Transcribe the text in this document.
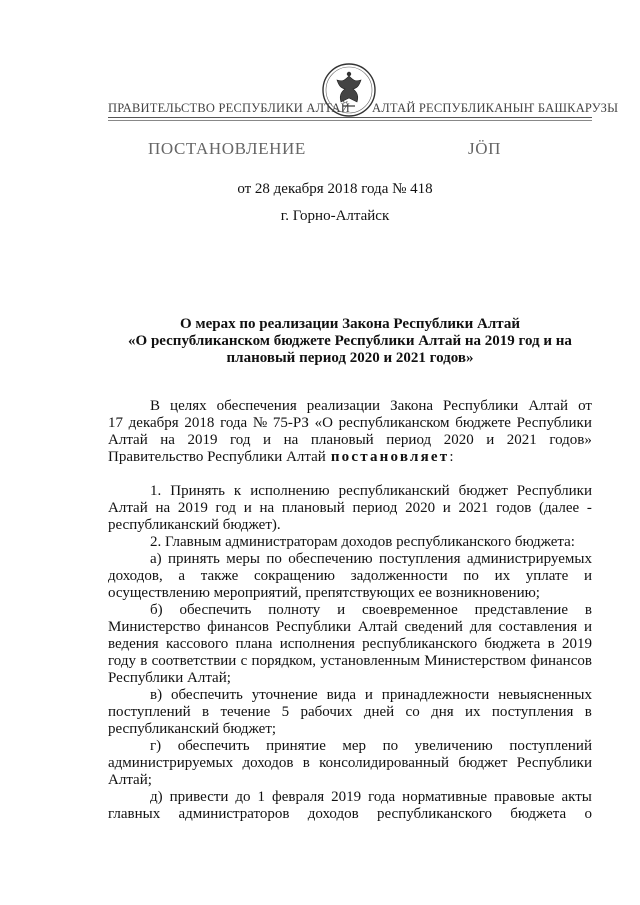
ПРАВИТЕЛЬСТВО РЕСПУБЛИКИ АЛТАЙ АЛТАЙ РЕСПУБЛИКАНЫҤ БАШКАРУЗЫ
ПОСТАНОВЛЕНИЕ	ЈÖП
от 28 декабря 2018 года № 418
г. Горно-Алтайск
О мерах по реализации Закона Республики Алтай
«О республиканском бюджете Республики Алтай на 2019 год и на
плановый период 2020 и 2021 годов»
В целях обеспечения реализации Закона Республики Алтай от
17 декабря 2018 года № 75-РЗ «О республиканском бюджете Республики
Алтай на 2019 год и на плановый период 2020 и 2021 годов»
Правительство Республики Алтай постановляет :
1. Принять к исполнению республиканский бюджет Республики
Алтай на 2019 год и на плановый период 2020 и 2021 годов (далее -
республиканский бюджет).
2. Главным администраторам доходов республиканского бюджета:
а) принять меры по обеспечению поступления администрируемых
доходов, а также сокращению задолженности по их уплате и
осуществлению мероприятий, препятствующих ее возникновению;
б) обеспечить полноту и своевременное представление в
Министерство финансов Республики Алтай сведений для составления и
ведения кассового плана исполнения республиканского бюджета в 2019
году в соответствии с порядком, установленным Министерством финансов
Республики Алтай;
в) обеспечить уточнение вида и принадлежности невыясненных
поступлений в течение 5 рабочих дней со дня их поступления в
республиканский бюджет;
г) обеспечить принятие мер по увеличению поступлений
администрируемых доходов в консолидированный бюджет Республики
Алтай;
д) привести до 1 февраля 2019 года нормативные правовые акты
главных администраторов доходов республиканского бюджета о
